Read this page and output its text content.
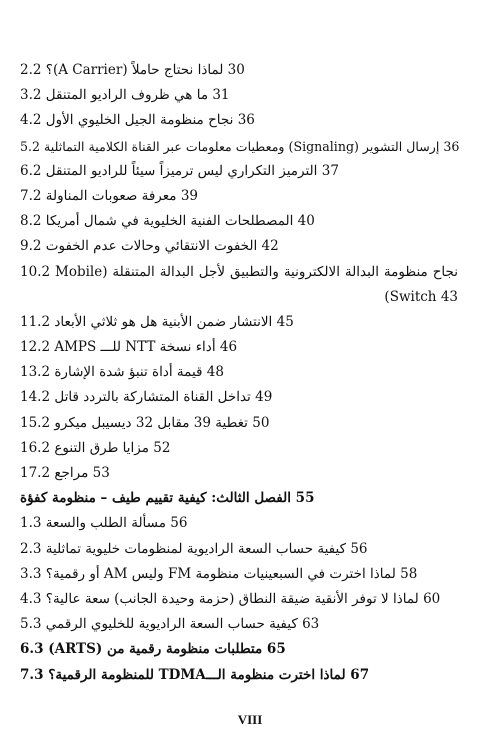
2.2 لماذا نحتاج حاملاً (A Carrier)؟ 30
3.2 ما هي ظروف الراديو المتنقل 31
4.2 نجاح منظومة الجيل الخليوي الأول 36
5.2 إرسال التشوير (Signaling) ومعطيات معلومات عبر القناة الكلامية التماثلية 36
6.2 الترميز التكراري ليس ترميزاً سيئاً للراديو المتنقل 37
7.2 معرفة صعوبات المناولة 39
8.2 المصطلحات الفنية الخليوية في شمال أمريكا 40
9.2 الخفوت الانتقائي وحالات عدم الخفوت 42
10.2 نجاح منظومة البدالة الالكترونية والتطبيق لأجل البدالة المتنقلة (Mobile Switch) 43
11.2 الانتشار ضمن الأبنية هل هو ثلاثي الأبعاد 45
12.2 أداء نسخة NTT للـــ AMPS 46
13.2 قيمة أداة تنبؤ شدة الإشارة 48
14.2 تداخل القناة المتشاركة بالتردد قاتل 49
15.2 تغطية 39 مقابل 32 ديسيبل ميكرو 50
16.2 مزايا طرق التنوع 52
17.2 مراجع 53
الفصل الثالث: كيفية تقييم طيف – منظومة كفؤة 55
1.3 مسألة الطلب والسعة 56
2.3 كيفية حساب السعة الراديوية لمنظومات خليوية تماثلية 56
3.3 لماذا اخترت في السبعينيات منظومة FM وليس AM أو رقمية؟ 58
4.3 لماذا لا توفر الأنقية ضيقة النطاق (حزمة وحيدة الجانب) سعة عالية؟ 60
5.3 كيفية حساب السعة الراديوية للخليوي الرقمي 63
6.3 متطلبات منظومة رقمية من (ARTS) 65
7.3 لماذا اخترت منظومة الـــTDMA للمنظومة الرقمية؟ 67
VIII
